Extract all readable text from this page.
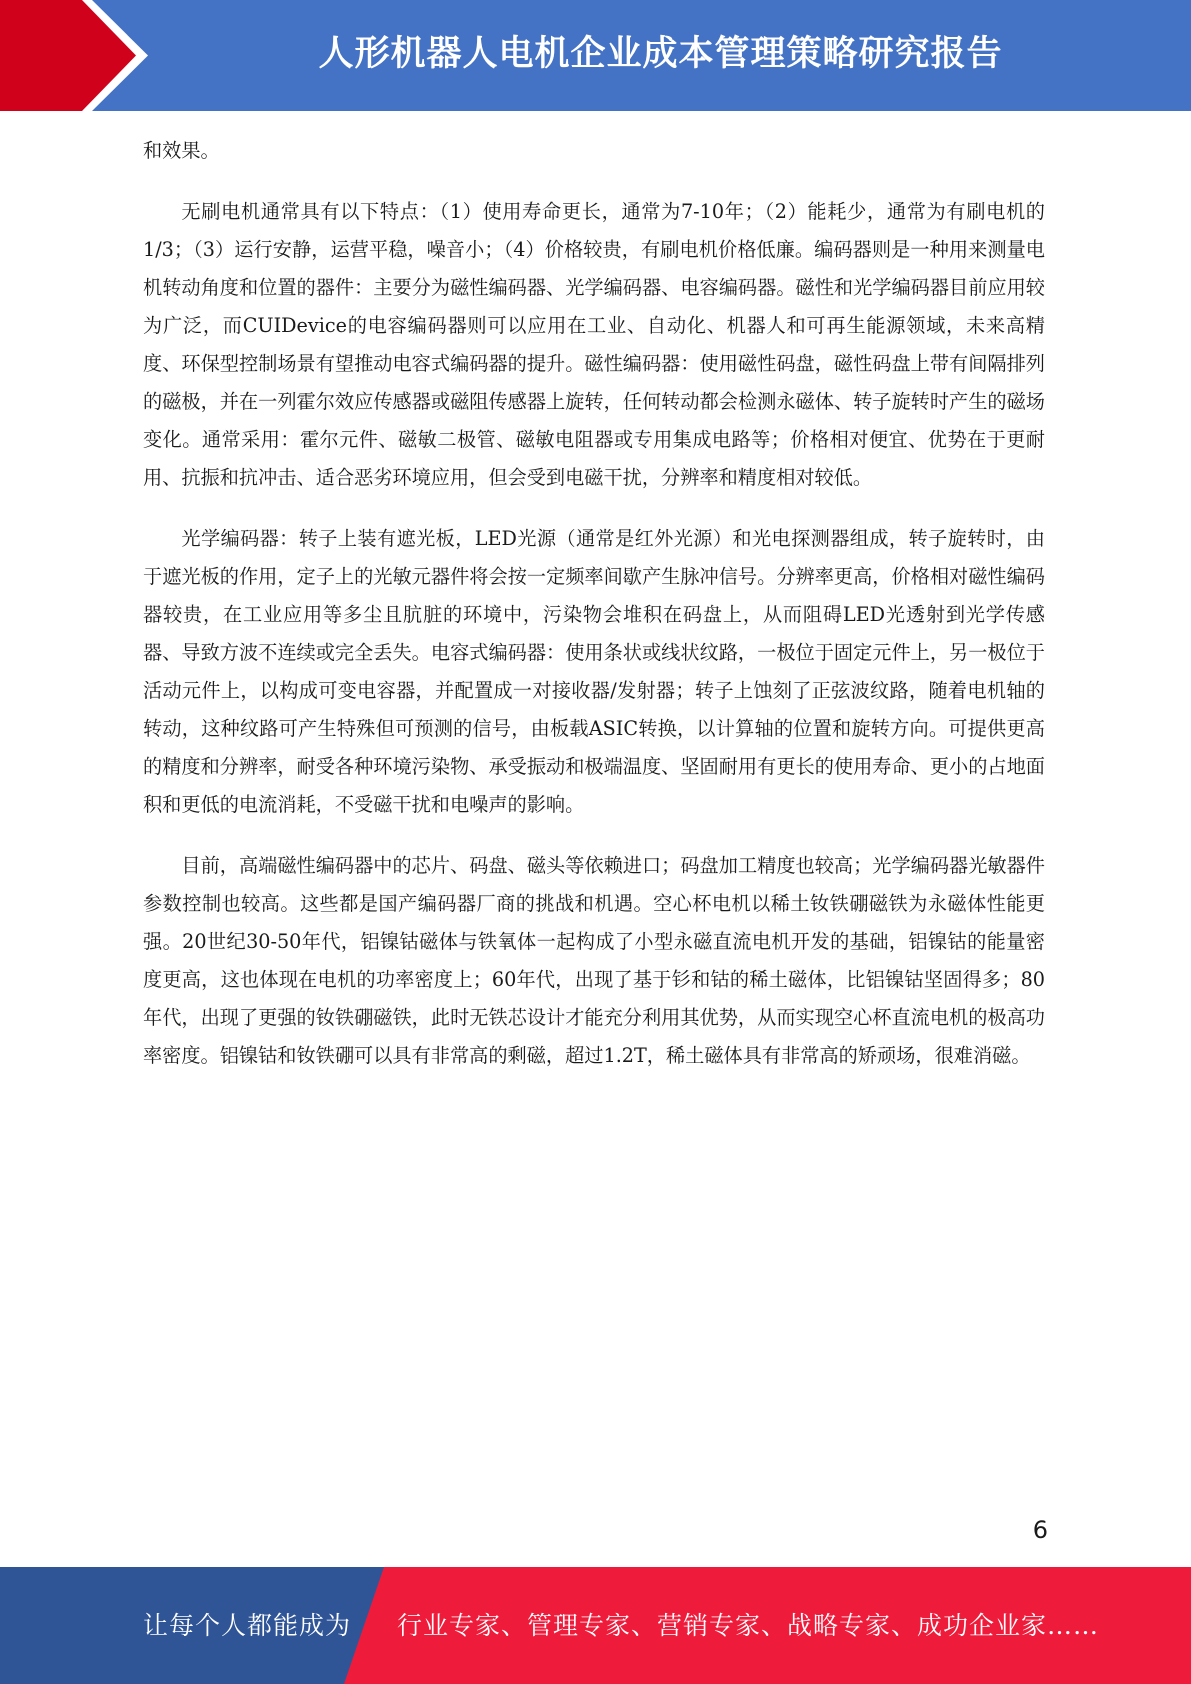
人形机器人电机企业成本管理策略研究报告

和效果。

无刷电机通常具有以下特点：（1）使用寿命更长，通常为7-10年；（2）能耗少，通常为有刷电机的1/3；（3）运行安静，运营平稳，噪音小；（4）价格较贵，有刷电机价格低廉。编码器则是一种用来测量电机转动角度和位置的器件：主要分为磁性编码器、光学编码器、电容编码器。磁性和光学编码器目前应用较为广泛，而CUIDevice的电容编码器则可以应用在工业、自动化、机器人和可再生能源领域，未来高精度、环保型控制场景有望推动电容式编码器的提升。磁性编码器：使用磁性码盘，磁性码盘上带有间隔排列的磁极，并在一列霍尔效应传感器或磁阻传感器上旋转，任何转动都会检测永磁体、转子旋转时产生的磁场变化。通常采用：霍尔元件、磁敏二极管、磁敏电阻器或专用集成电路等；价格相对便宜、优势在于更耐用、抗振和抗冲击、适合恶劣环境应用，但会受到电磁干扰，分辨率和精度相对较低。

光学编码器：转子上装有遮光板，LED光源（通常是红外光源）和光电探测器组成，转子旋转时，由于遮光板的作用，定子上的光敏元器件将会按一定频率间歇产生脉冲信号。分辨率更高，价格相对磁性编码器较贵，在工业应用等多尘且肮脏的环境中，污染物会堆积在码盘上，从而阻碍LED光透射到光学传感器、导致方波不连续或完全丢失。电容式编码器：使用条状或线状纹路，一极位于固定元件上，另一极位于活动元件上，以构成可变电容器，并配置成一对接收器/发射器；转子上蚀刻了正弦波纹路，随着电机轴的转动，这种纹路可产生特殊但可预测的信号，由板载ASIC转换，以计算轴的位置和旋转方向。可提供更高的精度和分辨率，耐受各种环境污染物、承受振动和极端温度、坚固耐用有更长的使用寿命、更小的占地面积和更低的电流消耗，不受磁干扰和电噪声的影响。

目前，高端磁性编码器中的芯片、码盘、磁头等依赖进口；码盘加工精度也较高；光学编码器光敏器件参数控制也较高。这些都是国产编码器厂商的挑战和机遇。空心杯电机以稀土钕铁硼磁铁为永磁体性能更强。20世纪30-50年代，铝镍钴磁体与铁氧体一起构成了小型永磁直流电机开发的基础，铝镍钴的能量密度更高，这也体现在电机的功率密度上；60年代，出现了基于钐和钴的稀土磁体，比铝镍钴坚固得多；80年代，出现了更强的钕铁硼磁铁，此时无铁芯设计才能充分利用其优势，从而实现空心杯直流电机的极高功率密度。铝镍钴和钕铁硼可以具有非常高的剩磁，超过1.2T，稀土磁体具有非常高的矫顽场，很难消磁。

6
让每个人都能成为 行业专家、管理专家、营销专家、战略专家、成功企业家……
